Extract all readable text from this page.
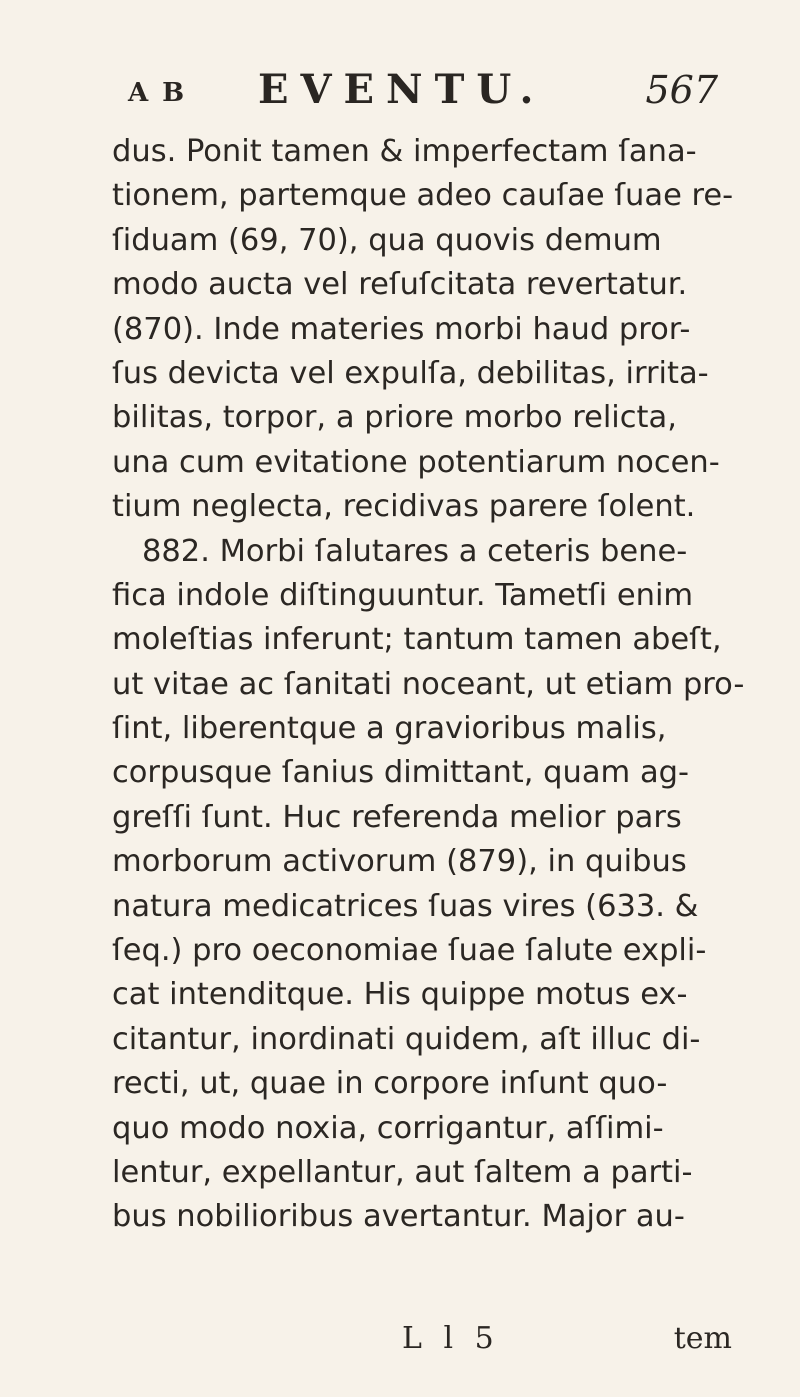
AB EVENTU.	567
dus. Ponit tamen & imperfectam ſana-
tionem, partemque adeo cauſae ſuae re-
ſiduam (69, 70), qua quovis demum
modo aucta vel reſuſcitata revertatur.
(870). Inde materies morbi haud pror-
ſus devicta vel expulſa, debilitas, irrita-
bilitas, torpor, a priore morbo relicta,
una cum evitatione potentiarum nocen-
tium neglecta, recidivas parere ſolent.
882. Morbi ſalutares a ceteris bene-
fica indole diſtinguuntur. Tametſi enim
moleſtias inferunt; tantum tamen abeſt,
ut vitae ac ſanitati noceant, ut etiam pro-
ſint, liberentque a gravioribus malis,
corpusque ſanius dimittant, quam ag-
greſſi ſunt. Huc referenda melior pars
morborum activorum (879), in quibus
natura medicatrices ſuas vires (633. &
ſeq.) pro oeconomiae ſuae ſalute expli-
cat intenditque. His quippe motus ex-
citantur, inordinati quidem, aſt illuc di-
recti, ut, quae in corpore inſunt quo-
quo modo noxia, corrigantur, aſſimi-
lentur, expellantur, aut ſaltem a parti-
bus nobilioribus avertantur. Major au-
L l 5	tem
